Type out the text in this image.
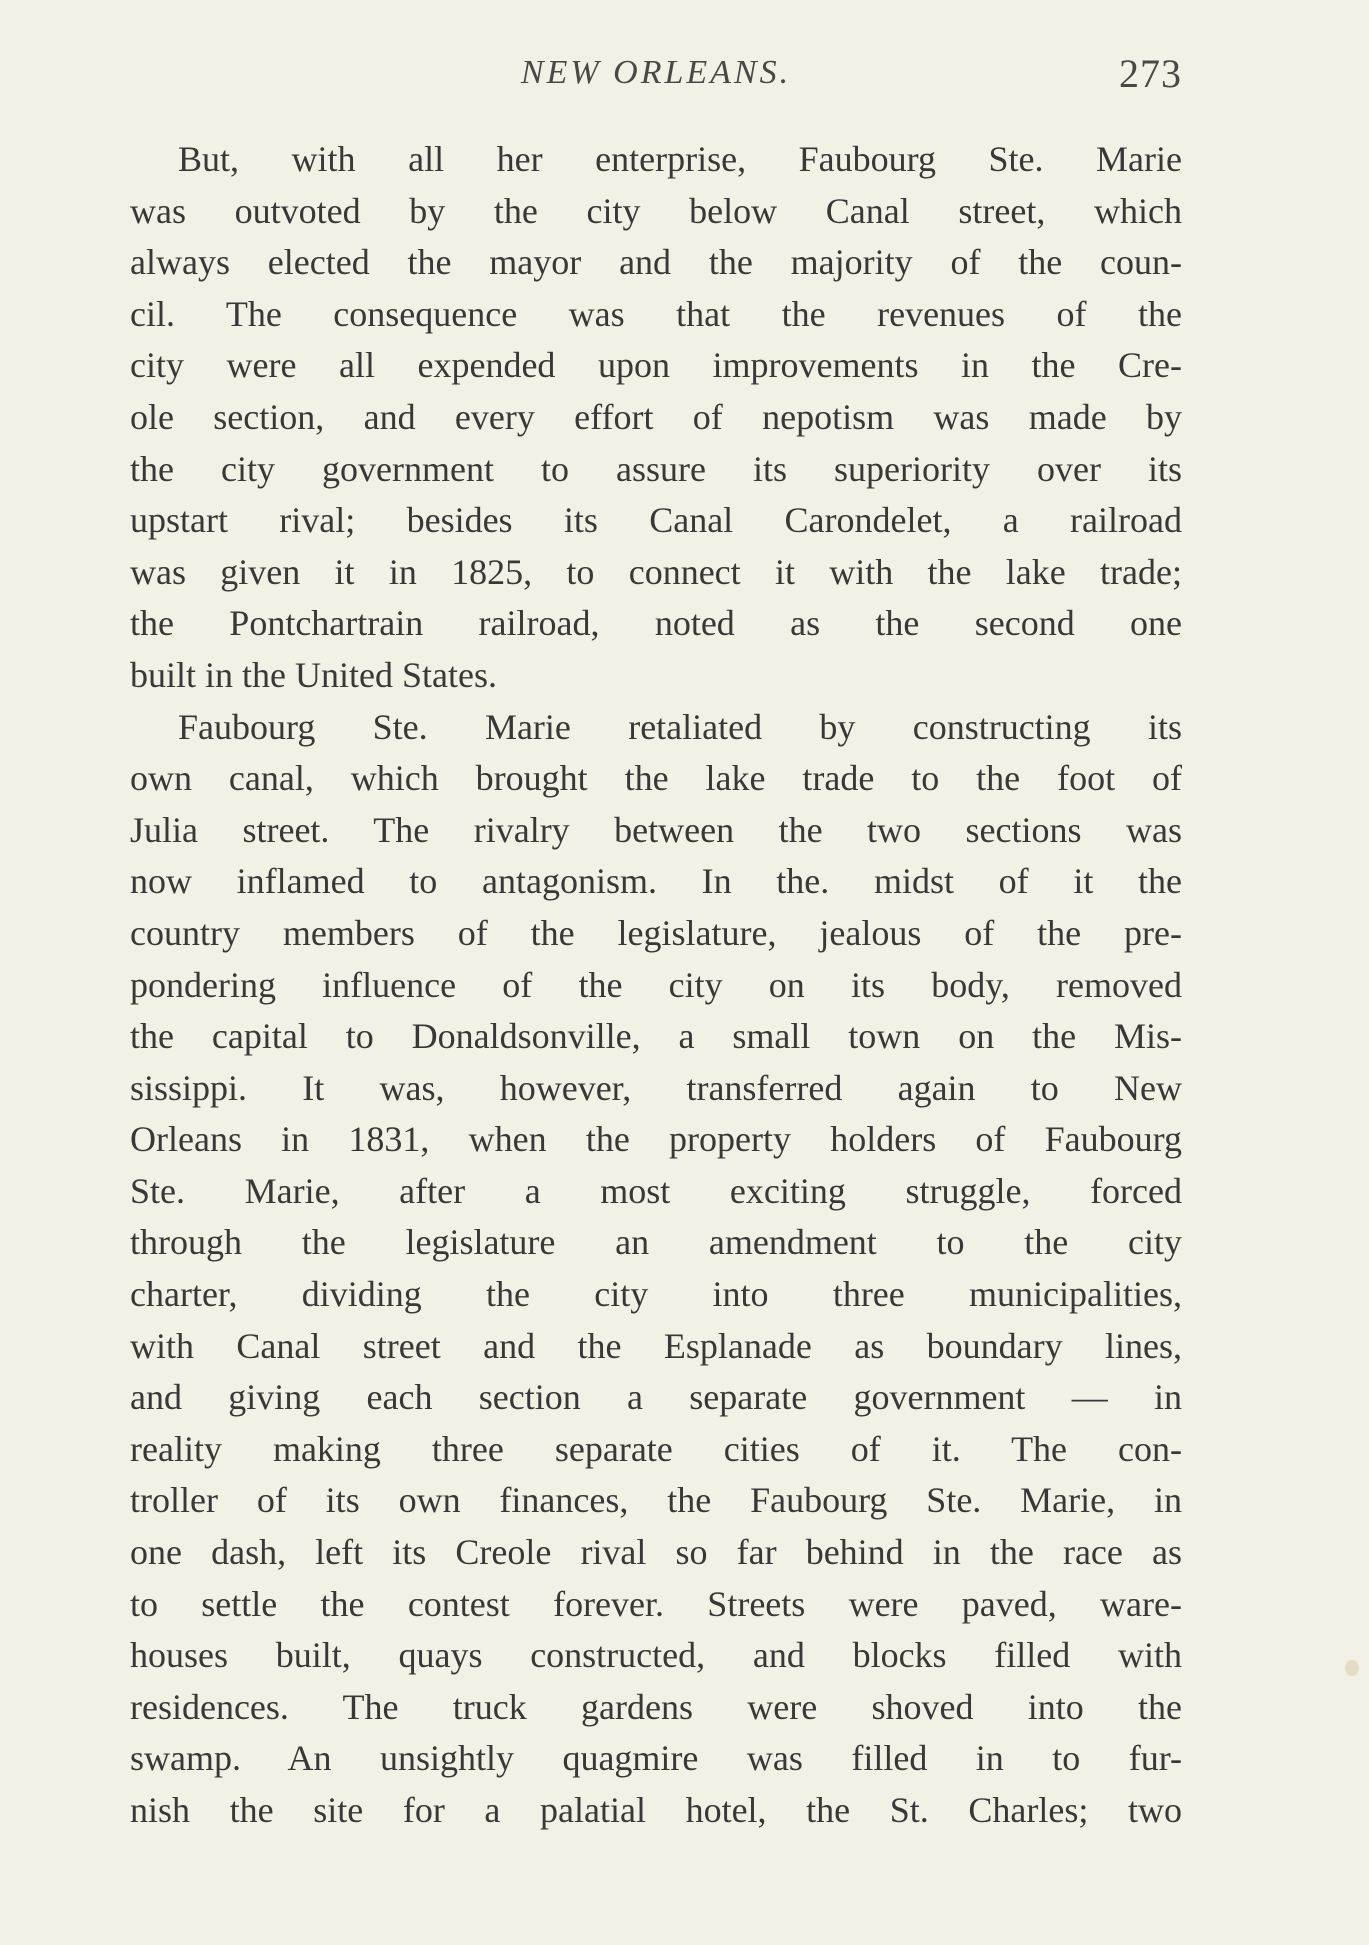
NEW ORLEANS.	273
But, with all her enterprise, Faubourg Ste. Marie
was outvoted by the city below Canal street, which
always elected the mayor and the majority of the coun-
cil. The consequence was that the revenues of the
city were all expended upon improvements in the Cre-
ole section, and every effort of nepotism was made by
the city government to assure its superiority over its
upstart rival; besides its Canal Carondelet, a railroad
was given it in 1825, to connect it with the lake trade;
the Pontchartrain railroad, noted as the second one
built in the United States.
Faubourg Ste. Marie retaliated by constructing its
own canal, which brought the lake trade to the foot of
Julia street. The rivalry between the two sections was
now inflamed to antagonism. In the. midst of it the
country members of the legislature, jealous of the pre-
pondering influence of the city on its body, removed
the capital to Donaldsonville, a small town on the Mis-
sissippi. It was, however, transferred again to New
Orleans in 1831, when the property holders of Faubourg
Ste. Marie, after a most exciting struggle, forced
through the legislature an amendment to the city
charter, dividing the city into three municipalities,
with Canal street and the Esplanade as boundary lines,
and giving each section a separate government — in
reality making three separate cities of it. The con-
troller of its own finances, the Faubourg Ste. Marie, in
one dash, left its Creole rival so far behind in the race as
to settle the contest forever. Streets were paved, ware-
houses built, quays constructed, and blocks filled with
residences. The truck gardens were shoved into the
swamp. An unsightly quagmire was filled in to fur-
nish the site for a palatial hotel, the St. Charles; two
